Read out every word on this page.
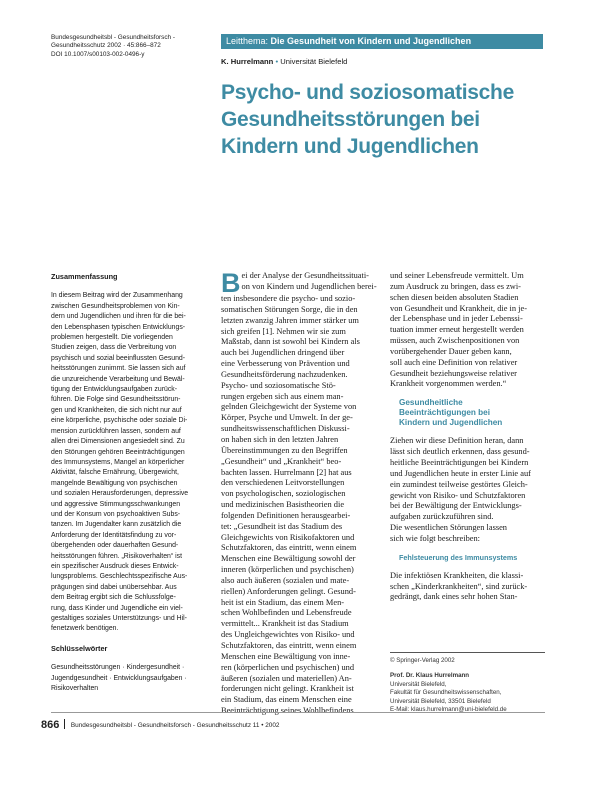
Bundesgesundheitsbl - Gesundheitsforsch -
Gesundheitsschutz 2002 · 45:866–872
DOI 10.1007/s00103-002-0496-y
Leitthema: Die Gesundheit von Kindern und Jugendlichen
K. Hurrelmann • Universität Bielefeld
Psycho- und soziosomatische
Gesundheitsstörungen bei
Kindern und Jugendlichen
Zusammenfassung
In diesem Beitrag wird der Zusammenhang
zwischen Gesundheitsproblemen von Kin-
dern und Jugendlichen und ihren für die bei-
den Lebensphasen typischen Entwicklungs-
problemen hergestellt. Die vorliegenden
Studien zeigen, dass die Verbreitung von
psychisch und sozial beeinflussten Gesund-
heitsstörungen zunimmt. Sie lassen sich auf
die unzureichende Verarbeitung und Bewäl-
tigung der Entwicklungsaufgaben zurück-
führen. Die Folge sind Gesundheitsstörun-
gen und Krankheiten, die sich nicht nur auf
eine körperliche, psychische oder soziale Di-
mension zurückführen lassen, sondern auf
allen drei Dimensionen angesiedelt sind. Zu
den Störungen gehören Beeinträchtigungen
des Immunsystems, Mangel an körperlicher
Aktivität, falsche Ernährung, Übergewicht,
mangelnde Bewältigung von psychischen
und sozialen Herausforderungen, depressive
und aggressive Stimmungsschwankungen
und der Konsum von psychoaktiven Subs-
tanzen. Im Jugendalter kann zusätzlich die
Anforderung der Identitätsfindung zu vor-
übergehenden oder dauerhaften Gesund-
heitsstörungen führen. „Risikoverhalten“ ist
ein spezifischer Ausdruck dieses Entwick-
lungsproblems. Geschlechtsspezifische Aus-
prägungen sind dabei unübersehbar. Aus
dem Beitrag ergibt sich die Schlussfolge-
rung, dass Kinder und Jugendliche ein viel-
gestaltiges soziales Unterstützungs- und Hil-
fenetzwerk benötigen.
Schlüsselwörter
Gesundheitsstörungen · Kindergesundheit ·
Jugendgesundheit · Entwicklungsaufgaben ·
Risikoverhalten
B ei der Analyse der Gesundheitssituati-
on von Kindern und Jugendlichen berei-
ten insbesondere die psycho- und sozio-
somatischen Störungen Sorge, die in den
letzten zwanzig Jahren immer stärker um
sich greifen [1]. Nehmen wir sie zum
Maßstab, dann ist sowohl bei Kindern als
auch bei Jugendlichen dringend über
eine Verbesserung von Prävention und
Gesundheitsförderung nachzudenken.
Psycho- und soziosomatische Stö-
rungen ergeben sich aus einem man-
gelnden Gleichgewicht der Systeme von
Körper, Psyche und Umwelt. In der ge-
sundheitswissenschaftlichen Diskussi-
on haben sich in den letzten Jahren
Übereinstimmungen zu den Begriffen
„Gesundheit“ und „Krankheit“ beo-
bachten lassen. Hurrelmann [2] hat aus
den verschiedenen Leitvorstellungen
von psychologischen, soziologischen
und medizinischen Basistheorien die
folgenden Definitionen herausgearbei-
tet: „Gesundheit ist das Stadium des
Gleichgewichts von Risikofaktoren und
Schutzfaktoren, das eintritt, wenn einem
Menschen eine Bewältigung sowohl der
inneren (körperlichen und psychischen)
also auch äußeren (sozialen und mate-
riellen) Anforderungen gelingt. Gesund-
heit ist ein Stadium, das einem Men-
schen Wohlbefinden und Lebensfreude
vermittelt... Krankheit ist das Stadium
des Ungleichgewichtes von Risiko- und
Schutzfaktoren, das eintritt, wenn einem
Menschen eine Bewältigung von inne-
ren (körperlichen und psychischen) und
äußeren (sozialen und materiellen) An-
forderungen nicht gelingt. Krankheit ist
ein Stadium, das einem Menschen eine
Beeinträchtigung seines Wohlbefindens
und seiner Lebensfreude vermittelt. Um
zum Ausdruck zu bringen, dass es zwi-
schen diesen beiden absoluten Stadien
von Gesundheit und Krankheit, die in je-
der Lebensphase und in jeder Lebenssi-
tuation immer erneut hergestellt werden
müssen, auch Zwischenpositionen von
vorübergehender Dauer geben kann,
soll auch eine Definition von relativer
Gesundheit beziehungsweise relativer
Krankheit vorgenommen werden.“
Gesundheitliche
Beeinträchtigungen bei
Kindern und Jugendlichen
Ziehen wir diese Definition heran, dann
lässt sich deutlich erkennen, dass gesund-
heitliche Beeinträchtigungen bei Kindern
und Jugendlichen heute in erster Linie auf
ein zumindest teilweise gestörtes Gleich-
gewicht von Risiko- und Schutzfaktoren
bei der Bewältigung der Entwicklungs-
aufgaben zurückzuführen sind.
Die wesentlichen Störungen lassen
sich wie folgt beschreiben:
Fehlsteuerung des Immunsystems
Die infektiösen Krankheiten, die klassi-
schen „Kinderkrankheiten“, sind zurück-
gedrängt, dank eines sehr hohen Stan-
© Springer-Verlag 2002
Prof. Dr. Klaus Hurrelmann
Universität Bielefeld,
Fakultät für Gesundheitswissenschaften,
Universität Bielefeld, 33501 Bielefeld
E-Mail: klaus.hurrelmann@uni-bielefeld.de
866 Bundesgesundheitsbl - Gesundheitsforsch - Gesundheitsschutz 11 • 2002
